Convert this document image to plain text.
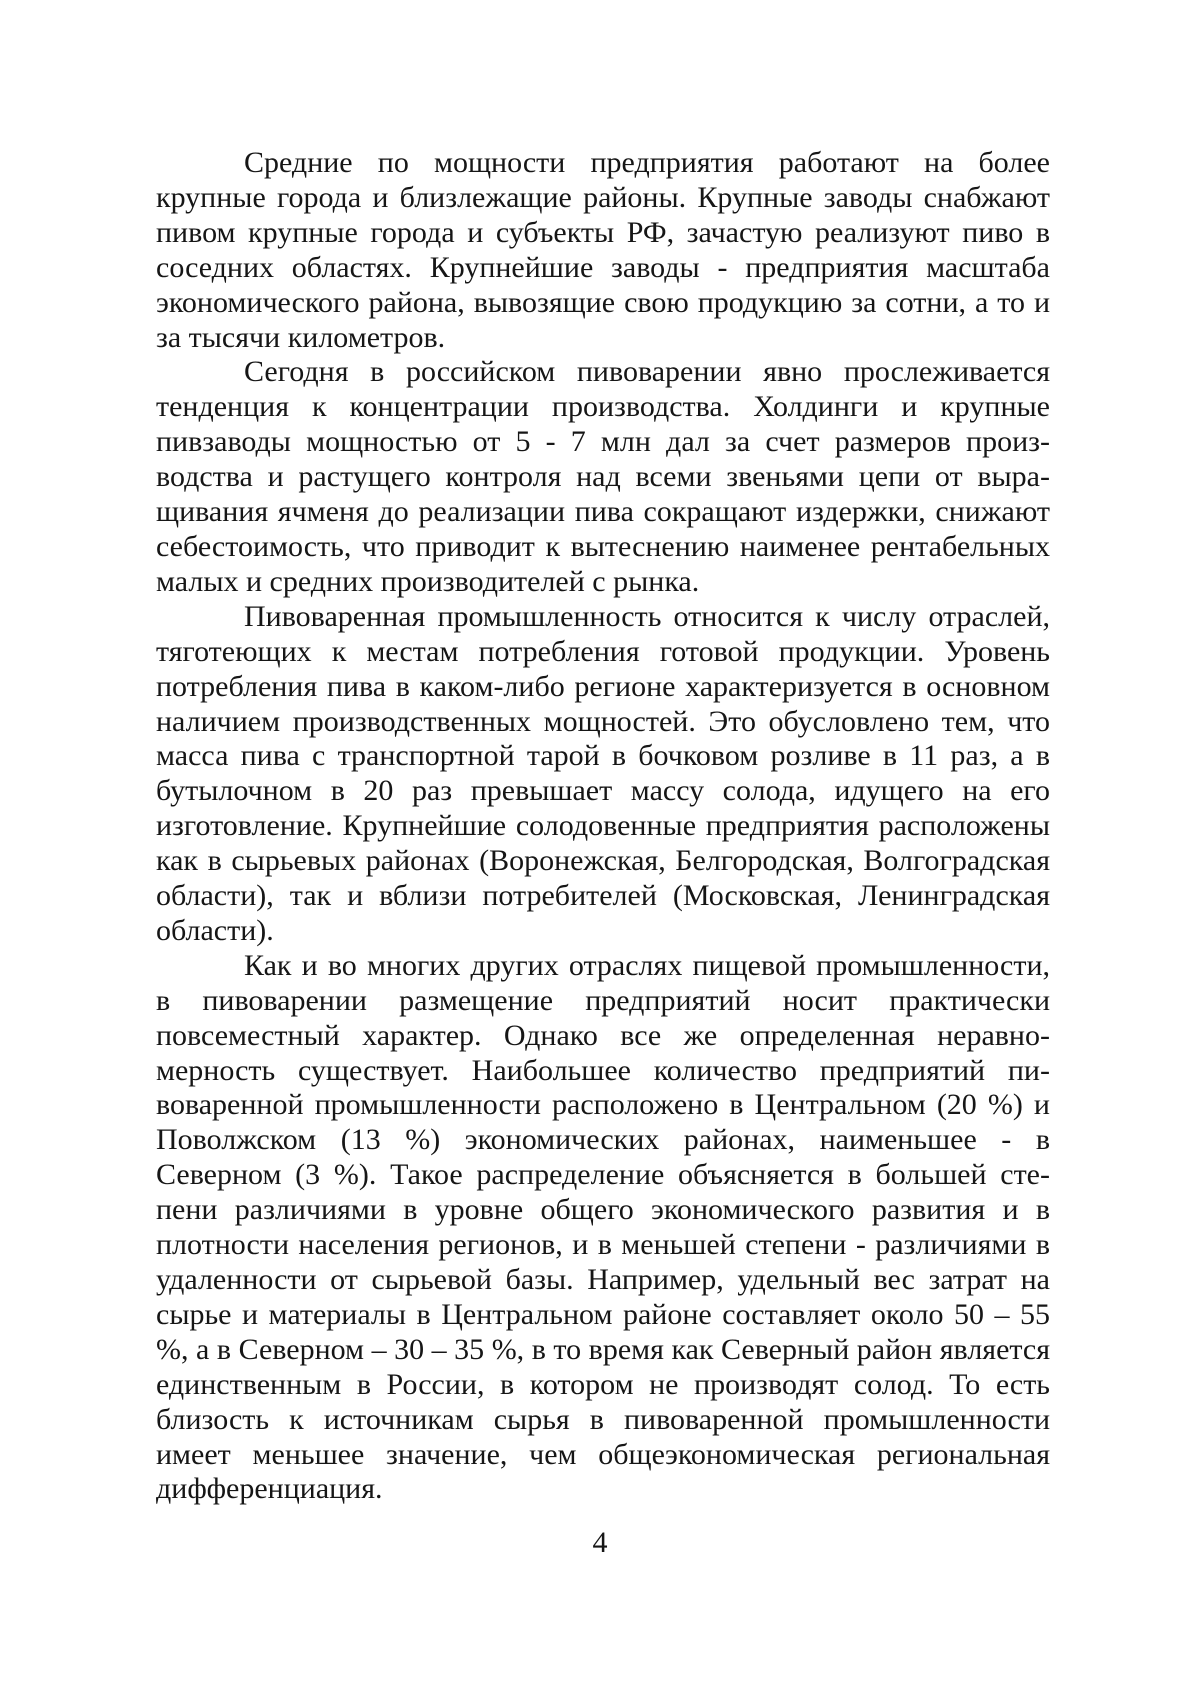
Средние по мощности предприятия работают на более крупные города и близлежащие районы. Крупные заводы снабжают пивом крупные города и субъекты РФ, зачастую реализуют пиво в соседних областях. Крупнейшие заводы - предприятия масштаба экономического района, вывозящие свою продукцию за сотни, а то и за тысячи километров.

Сегодня в российском пивоварении явно прослеживается тенденция к концентрации производства. Холдинги и крупные пивзаводы мощностью от 5 - 7 млн дал за счет размеров производства и растущего контроля над всеми звеньями цепи от выращивания ячменя до реализации пива сокращают издержки, снижают себестоимость, что приводит к вытеснению наименее рентабельных малых и средних производителей с рынка.

Пивоваренная промышленность относится к числу отраслей, тяготеющих к местам потребления готовой продукции. Уровень потребления пива в каком-либо регионе характеризуется в основном наличием производственных мощностей. Это обусловлено тем, что масса пива с транспортной тарой в бочковом розливе в 11 раз, а в бутылочном в 20 раз превышает массу солода, идущего на его изготовление. Крупнейшие солодовенные предприятия расположены как в сырьевых районах (Воронежская, Белгородская, Волгоградская области), так и вблизи потребителей (Московская, Ленинградская области).

Как и во многих других отраслях пищевой промышленности, в пивоварении размещение предприятий носит практически повсеместный характер. Однако все же определенная неравномерность существует. Наибольшее количество предприятий пивоваренной промышленности расположено в Центральном (20 %) и Поволжском (13 %) экономических районах, наименьшее - в Северном (3 %). Такое распределение объясняется в большей степени различиями в уровне общего экономического развития и в плотности населения регионов, и в меньшей степени - различиями в удаленности от сырьевой базы. Например, удельный вес затрат на сырье и материалы в Центральном районе составляет около 50 – 55 %, а в Северном – 30 – 35 %, в то время как Северный район является единственным в России, в котором не производят солод. То есть близость к источникам сырья в пивоваренной промышленности имеет меньшее значение, чем общеэкономическая региональная дифференциация.

4
